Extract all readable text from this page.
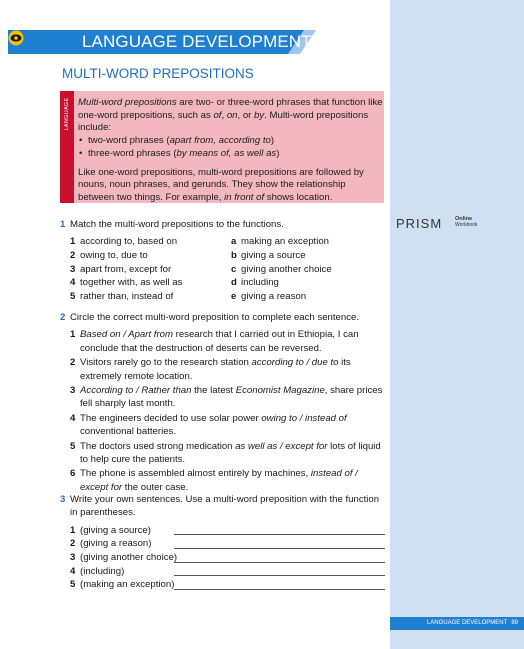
LANGUAGE DEVELOPMENT
MULTI-WORD PREPOSITIONS
LANGUAGE Multi-word prepositions are two- or three-word phrases that function like one-word prepositions, such as of, on, or by. Multi-word prepositions include:

• two-word phrases (apart from, according to)
• three-word phrases (by means of, as well as)

Like one-word prepositions, multi-word prepositions are followed by nouns, noun phrases, and gerunds. They show the relationship between two things. For example, in front of shows location.

PRISM Online
Workbook
1 Match the multi-word prepositions to the functions.
1 according to, based on	a making an exception
2 owing to, due to	b giving a source
3 apart from, except for	c giving another choice
4 together with, as well as	d including
5 rather than, instead of	e giving a reason
2 Circle the correct multi-word preposition to complete each sentence.
1 Based on / Apart from research that I carried out in Ethiopia, I can conclude that the destruction of deserts can be reversed.
2 Visitors rarely go to the research station according to / due to its extremely remote location.
3 According to / Rather than the latest Economist Magazine, share prices fell sharply last month.
4 The engineers decided to use solar power owing to / instead of conventional batteries.
5 The doctors used strong medication as well as / except for lots of liquid to help cure the patients.
6 The phone is assembled almost entirely by machines, instead of / except for the outer case.
3 Write your own sentences. Use a multi-word preposition with the function in parentheses.
1 (giving a source)
2 (giving a reason)
3 (giving another choice)
4 (including)
5 (making an exception)
LANGUAGE DEVELOPMENT 89
